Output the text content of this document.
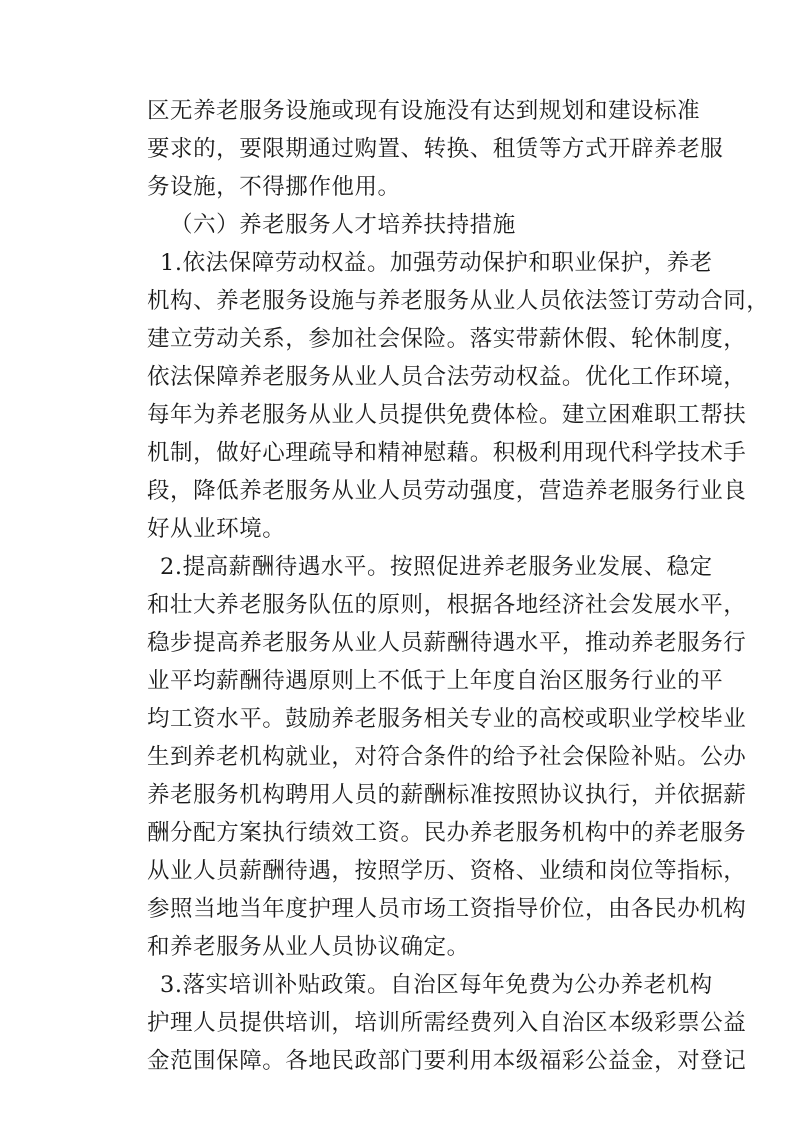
区无养老服务设施或现有设施没有达到规划和建设标准
要求的，要限期通过购置、转换、租赁等方式开辟养老服
务设施，不得挪作他用。
（六）养老服务人才培养扶持措施
1.依法保障劳动权益。加强劳动保护和职业保护，养老
机构、养老服务设施与养老服务从业人员依法签订劳动合同，
建立劳动关系，参加社会保险。落实带薪休假、轮休制度，
依法保障养老服务从业人员合法劳动权益。优化工作环境，
每年为养老服务从业人员提供免费体检。建立困难职工帮扶
机制，做好心理疏导和精神慰藉。积极利用现代科学技术手
段，降低养老服务从业人员劳动强度，营造养老服务行业良
好从业环境。
2.提高薪酬待遇水平。按照促进养老服务业发展、稳定
和壮大养老服务队伍的原则，根据各地经济社会发展水平，
稳步提高养老服务从业人员薪酬待遇水平，推动养老服务行
业平均薪酬待遇原则上不低于上年度自治区服务行业的平
均工资水平。鼓励养老服务相关专业的高校或职业学校毕业
生到养老机构就业，对符合条件的给予社会保险补贴。公办
养老服务机构聘用人员的薪酬标准按照协议执行，并依据薪
酬分配方案执行绩效工资。民办养老服务机构中的养老服务
从业人员薪酬待遇，按照学历、资格、业绩和岗位等指标，
参照当地当年度护理人员市场工资指导价位，由各民办机构
和养老服务从业人员协议确定。
3.落实培训补贴政策。自治区每年免费为公办养老机构
护理人员提供培训，培训所需经费列入自治区本级彩票公益
金范围保障。各地民政部门要利用本级福彩公益金，对登记
